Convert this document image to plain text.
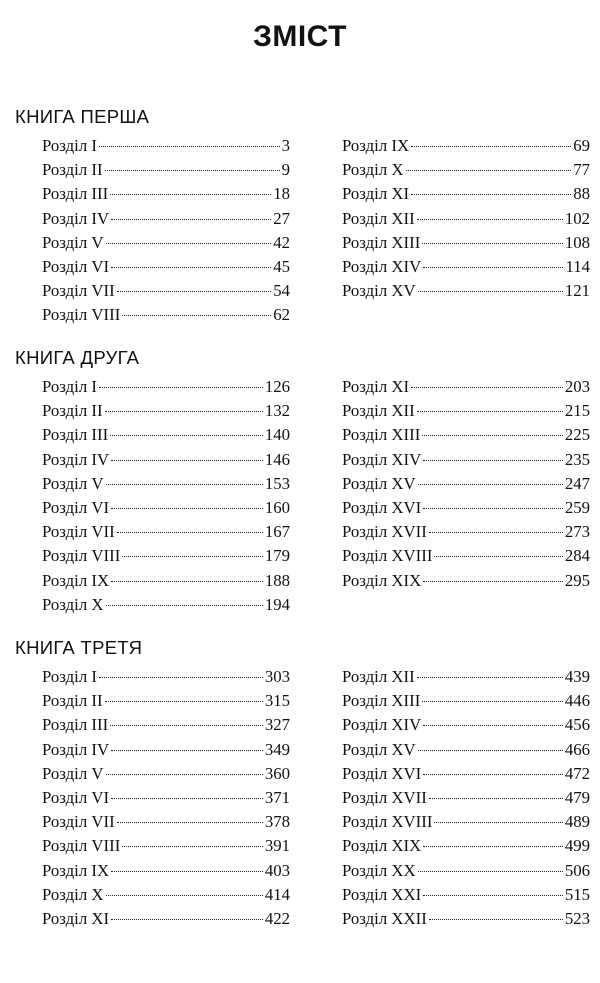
ЗМІСТ
КНИГА ПЕРША
Розділ І	3
Розділ ІІ	9
Розділ ІІІ	18
Розділ IV	27
Розділ V	42
Розділ VI	45
Розділ VII	54
Розділ VIII	62
Розділ IX	69
Розділ X	77
Розділ XI	88
Розділ XII	102
Розділ XIII	108
Розділ XIV	114
Розділ XV	121
КНИГА ДРУГА
Розділ І	126
Розділ ІІ	132
Розділ ІІІ	140
Розділ IV	146
Розділ V	153
Розділ VI	160
Розділ VII	167
Розділ VIII	179
Розділ IX	188
Розділ X	194
Розділ XI	203
Розділ XII	215
Розділ XIII	225
Розділ XIV	235
Розділ XV	247
Розділ XVI	259
Розділ XVII	273
Розділ XVIII	284
Розділ XIX	295
КНИГА ТРЕТЯ
Розділ І	303
Розділ ІІ	315
Розділ ІІІ	327
Розділ IV	349
Розділ V	360
Розділ VI	371
Розділ VII	378
Розділ VIII	391
Розділ IX	403
Розділ X	414
Розділ XI	422
Розділ XII	439
Розділ XIII	446
Розділ XIV	456
Розділ XV	466
Розділ XVI	472
Розділ XVII	479
Розділ XVIII	489
Розділ XIX	499
Розділ XX	506
Розділ XXI	515
Розділ XXII	523
